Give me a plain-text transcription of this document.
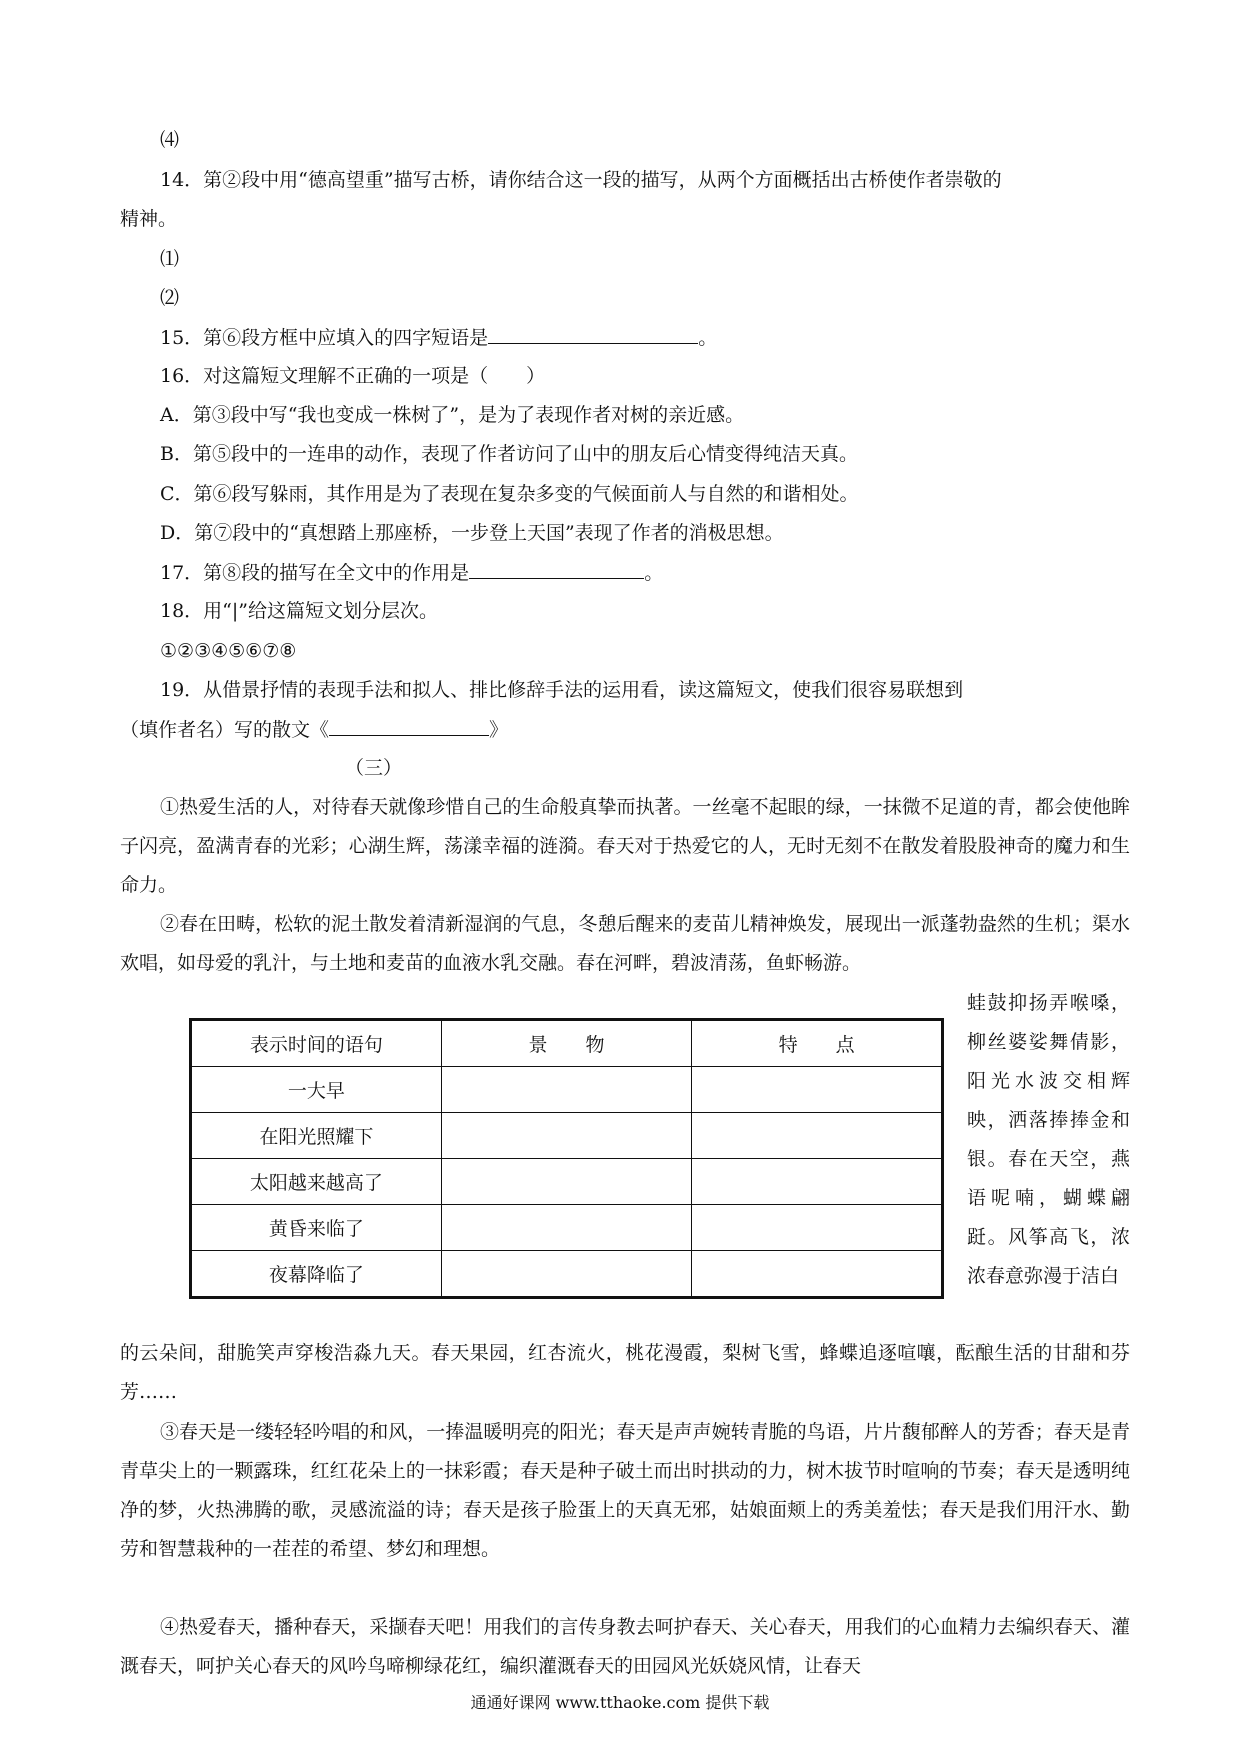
⑷
14．第②段中用“德高望重”描写古桥，请你结合这一段的描写，从两个方面概括出古桥使作者崇敬的
精神。
⑴
⑵
15．第⑥段方框中应填入的四字短语是	。
16．对这篇短文理解不正确的一项是（　　）
A．第③段中写“我也变成一株树了”，是为了表现作者对树的亲近感。
B．第⑤段中的一连串的动作，表现了作者访问了山中的朋友后心情变得纯洁天真。
C．第⑥段写躲雨，其作用是为了表现在复杂多变的气候面前人与自然的和谐相处。
D．第⑦段中的“真想踏上那座桥，一步登上天国”表现了作者的消极思想。
17．第⑧段的描写在全文中的作用是	。
18．用“|”给这篇短文划分层次。
①②③④⑤⑥⑦⑧
19．从借景抒情的表现手法和拟人、排比修辞手法的运用看，读这篇短文，使我们很容易联想到
（填作者名）写的散文《	》
（三）
①热爱生活的人，对待春天就像珍惜自己的生命般真挚而执著。一丝毫不起眼的绿，一抹微不足道的青，都会使他眸子闪亮，盈满青春的光彩；心湖生辉，荡漾幸福的涟漪。春天对于热爱它的人，无时无刻不在散发着股股神奇的魔力和生命力。
②春在田畴，松软的泥土散发着清新湿润的气息，冬憩后醒来的麦苗儿精神焕发，展现出一派蓬勃盎然的生机；渠水欢唱，如母爱的乳汁，与土地和麦苗的血液水乳交融。春在河畔，碧波清荡，鱼虾畅游。
表示时间的语句	景　　物	特　　点
一大早		
在阳光照耀下		
太阳越来越高了		
黄昏来临了		
夜幕降临了		
蛙鼓抑扬弄喉嗓，柳丝婆娑舞倩影，阳光水波交相辉映，洒落捧捧金和银。春在天空，燕语呢喃，蝴蝶翩跹。风筝高飞，浓浓春意弥漫于洁白
的云朵间，甜脆笑声穿梭浩淼九天。春天果园，红杏流火，桃花漫霞，梨树飞雪，蜂蝶追逐喧嚷，酝酿生活的甘甜和芬芳……
③春天是一缕轻轻吟唱的和风，一捧温暖明亮的阳光；春天是声声婉转青脆的鸟语，片片馥郁醉人的芳香；春天是青青草尖上的一颗露珠，红红花朵上的一抹彩霞；春天是种子破土而出时拱动的力，树木拔节时喧响的节奏；春天是透明纯净的梦，火热沸腾的歌，灵感流溢的诗；春天是孩子脸蛋上的天真无邪，姑娘面颊上的秀美羞怯；春天是我们用汗水、勤劳和智慧栽种的一茬茬的希望、梦幻和理想。
④热爱春天，播种春天，采撷春天吧！用我们的言传身教去呵护春天、关心春天，用我们的心血精力去编织春天、灌溉春天，呵护关心春天的风吟鸟啼柳绿花红，编织灌溉春天的田园风光妖娆风情，让春天
通通好课网 www.tthaoke.com 提供下载
